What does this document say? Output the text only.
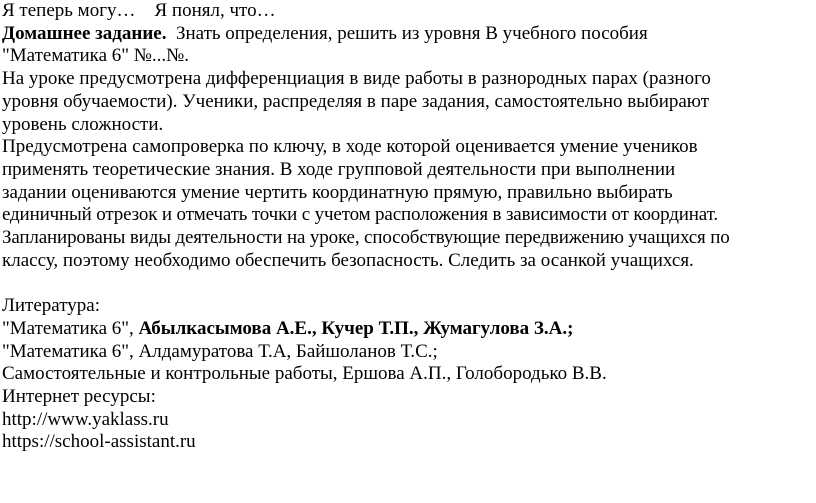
Я теперь могу… Я понял, что…
Домашнее задание. Знать определения, решить из уровня B учебного пособия
"Математика 6" №...№.
На уроке предусмотрена дифференциация в виде работы в разнородных парах (разного
уровня обучаемости). Ученики, распределяя в паре задания, самостоятельно выбирают
уровень сложности.
Предусмотрена самопроверка по ключу, в ходе которой оценивается умение учеников
применять теоретические знания. В ходе групповой деятельности при выполнении
задании оцениваются умение чертить координатную прямую, правильно выбирать
единичный отрезок и отмечать точки с учетом расположения в зависимости от координат.
Запланированы виды деятельности на уроке, способствующие передвижению учащихся по
классу, поэтому необходимо обеспечить безопасность. Следить за осанкой учащихся.
Литература:
"Математика 6", Абылкасымова А.Е., Кучер Т.П., Жумагулова З.А.;
"Математика 6", Алдамуратова Т.А, Байшоланов Т.С.;
Самостоятельные и контрольные работы, Ершова А.П., Голобородько В.В.
Интернет ресурсы:
http://www.yaklass.ru
https://school-assistant.ru
